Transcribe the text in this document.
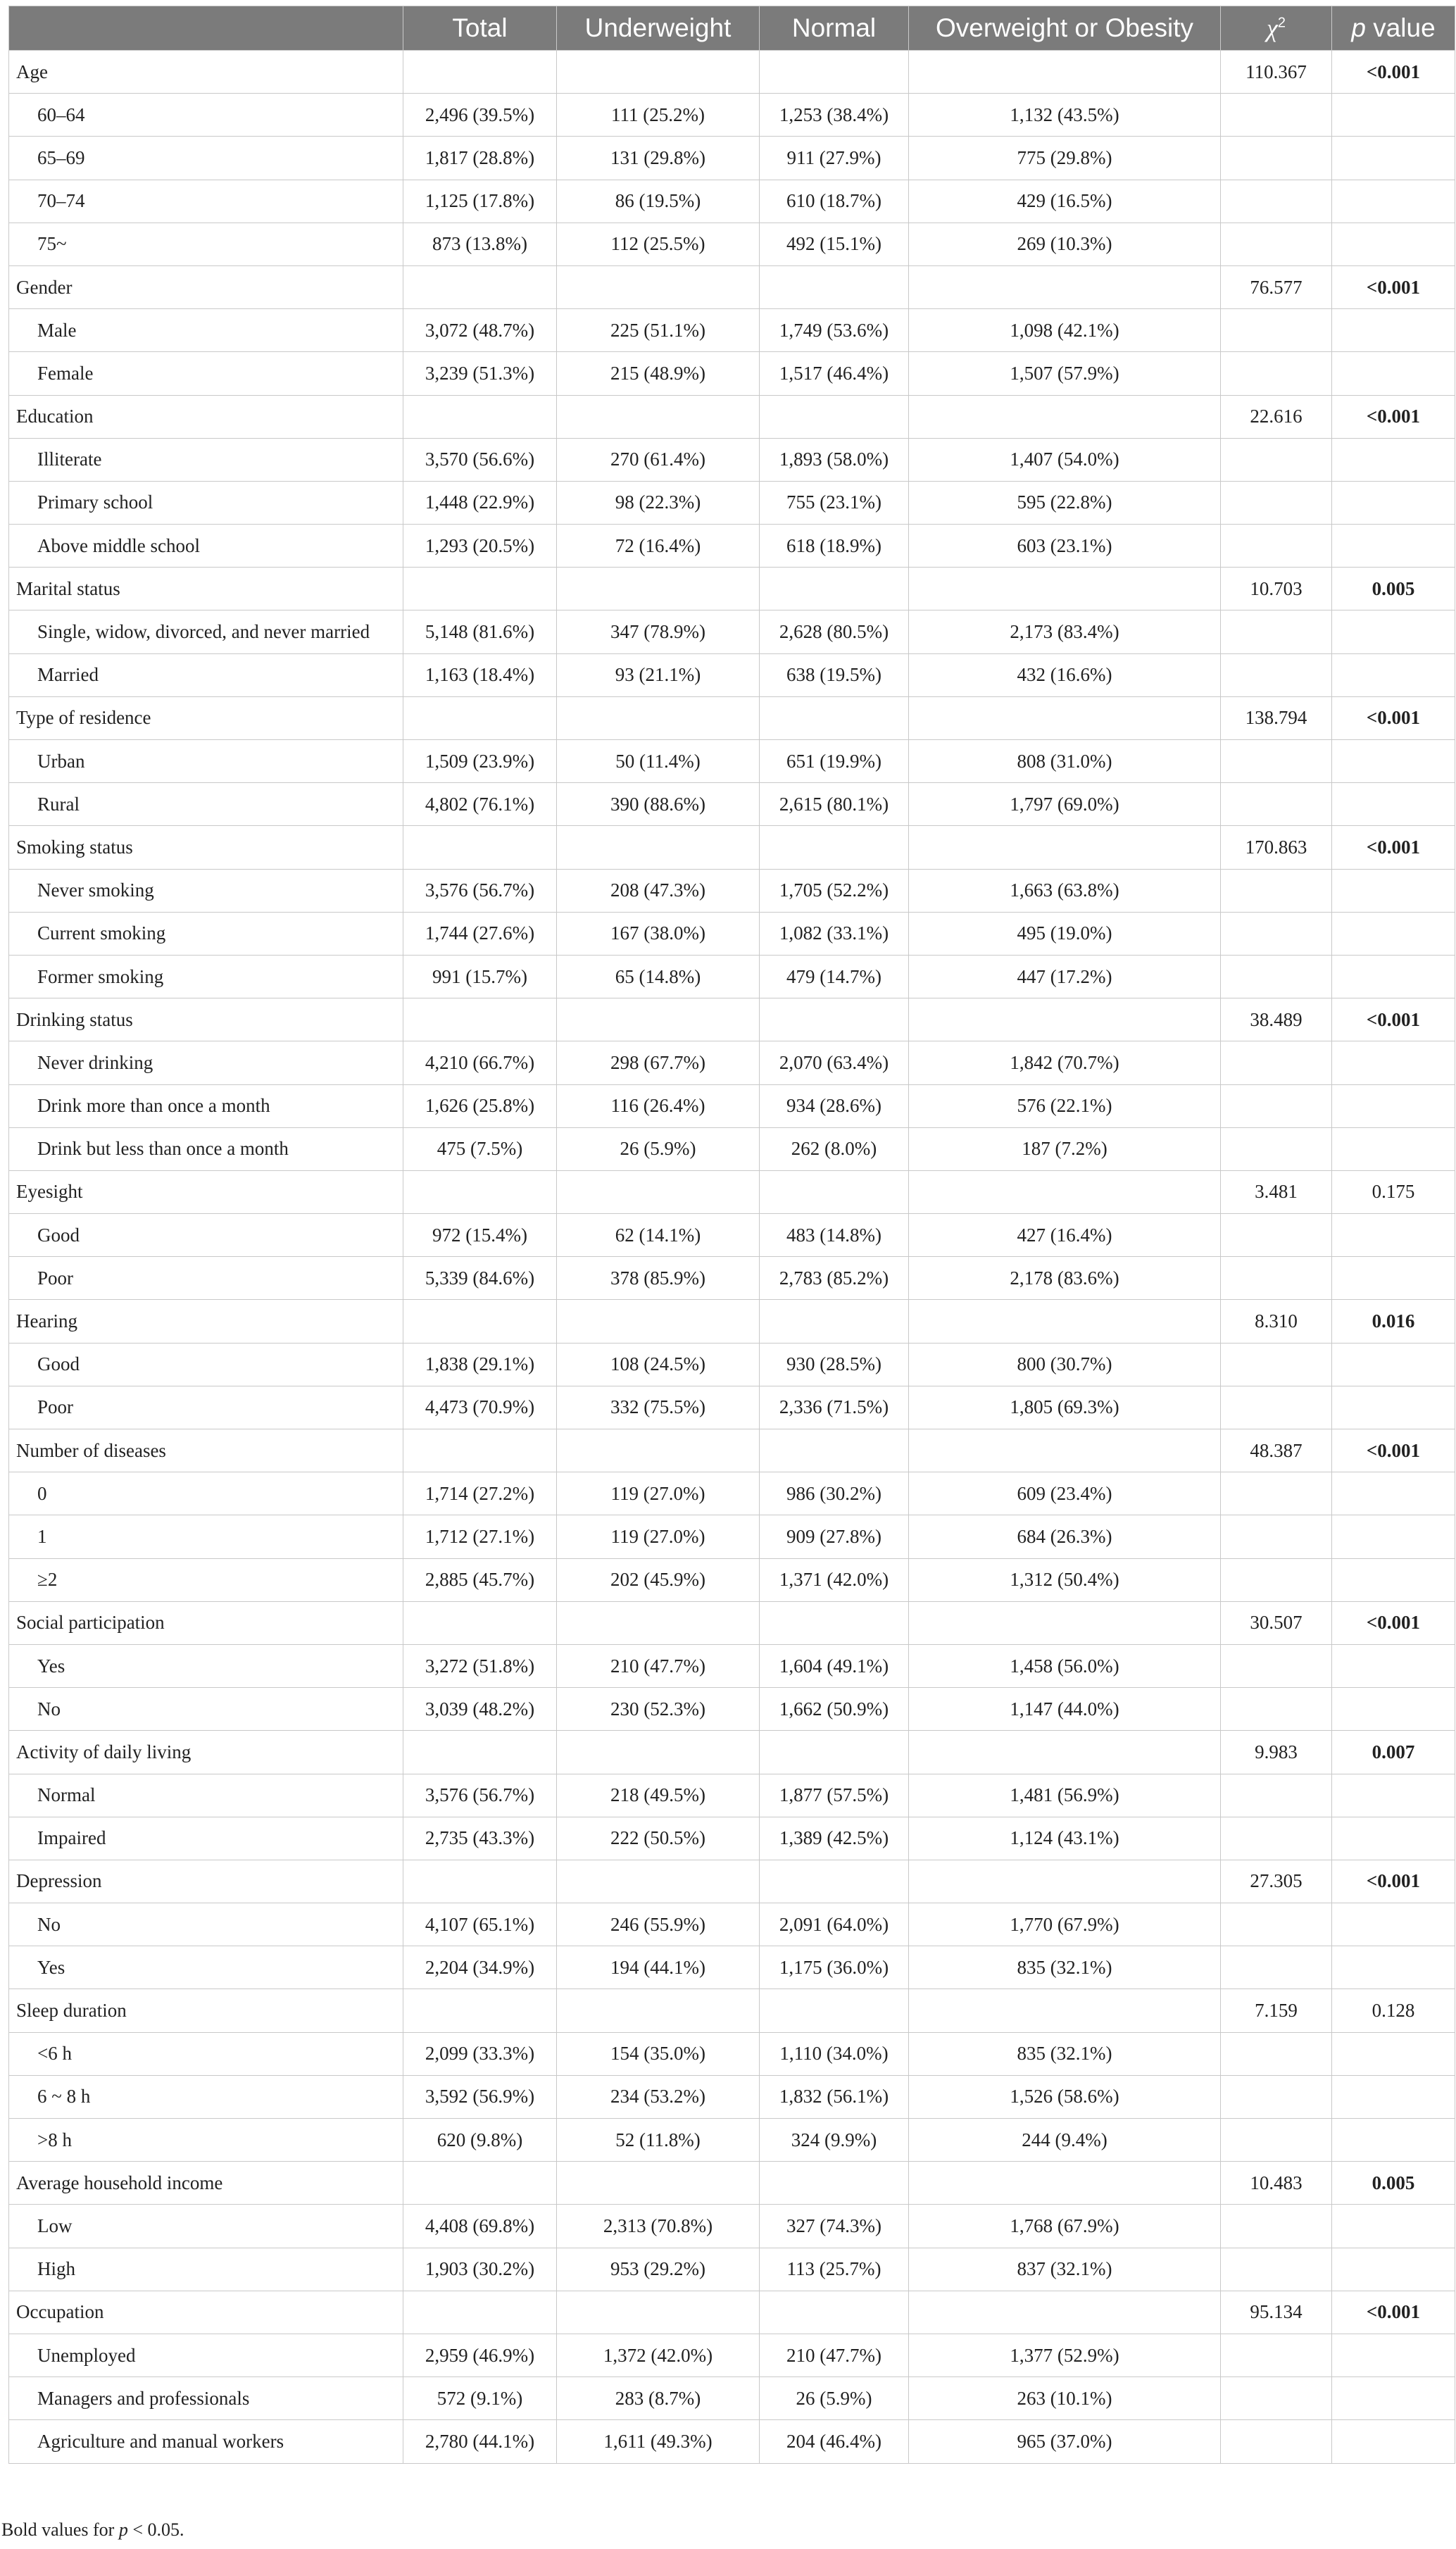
	Total	Underweight	Normal	Overweight or Obesity	$\chi^2$	p value
Age					110.367	<0.001
60–64	2,496 (39.5%)	111 (25.2%)	1,253 (38.4%)	1,132 (43.5%)		
65–69	1,817 (28.8%)	131 (29.8%)	911 (27.9%)	775 (29.8%)		
70–74	1,125 (17.8%)	86 (19.5%)	610 (18.7%)	429 (16.5%)		
75~	873 (13.8%)	112 (25.5%)	492 (15.1%)	269 (10.3%)		
Gender					76.577	<0.001
Male	3,072 (48.7%)	225 (51.1%)	1,749 (53.6%)	1,098 (42.1%)		
Female	3,239 (51.3%)	215 (48.9%)	1,517 (46.4%)	1,507 (57.9%)		
Education					22.616	<0.001
Illiterate	3,570 (56.6%)	270 (61.4%)	1,893 (58.0%)	1,407 (54.0%)		
Primary school	1,448 (22.9%)	98 (22.3%)	755 (23.1%)	595 (22.8%)		
Above middle school	1,293 (20.5%)	72 (16.4%)	618 (18.9%)	603 (23.1%)		
Marital status					10.703	0.005
Single, widow, divorced, and never married	5,148 (81.6%)	347 (78.9%)	2,628 (80.5%)	2,173 (83.4%)		
Married	1,163 (18.4%)	93 (21.1%)	638 (19.5%)	432 (16.6%)		
Type of residence					138.794	<0.001
Urban	1,509 (23.9%)	50 (11.4%)	651 (19.9%)	808 (31.0%)		
Rural	4,802 (76.1%)	390 (88.6%)	2,615 (80.1%)	1,797 (69.0%)		
Smoking status					170.863	<0.001
Never smoking	3,576 (56.7%)	208 (47.3%)	1,705 (52.2%)	1,663 (63.8%)		
Current smoking	1,744 (27.6%)	167 (38.0%)	1,082 (33.1%)	495 (19.0%)		
Former smoking	991 (15.7%)	65 (14.8%)	479 (14.7%)	447 (17.2%)		
Drinking status					38.489	<0.001
Never drinking	4,210 (66.7%)	298 (67.7%)	2,070 (63.4%)	1,842 (70.7%)		
Drink more than once a month	1,626 (25.8%)	116 (26.4%)	934 (28.6%)	576 (22.1%)		
Drink but less than once a month	475 (7.5%)	26 (5.9%)	262 (8.0%)	187 (7.2%)		
Eyesight					3.481	0.175
Good	972 (15.4%)	62 (14.1%)	483 (14.8%)	427 (16.4%)		
Poor	5,339 (84.6%)	378 (85.9%)	2,783 (85.2%)	2,178 (83.6%)		
Hearing					8.310	0.016
Good	1,838 (29.1%)	108 (24.5%)	930 (28.5%)	800 (30.7%)		
Poor	4,473 (70.9%)	332 (75.5%)	2,336 (71.5%)	1,805 (69.3%)		
Number of diseases					48.387	<0.001
0	1,714 (27.2%)	119 (27.0%)	986 (30.2%)	609 (23.4%)		
1	1,712 (27.1%)	119 (27.0%)	909 (27.8%)	684 (26.3%)		
≥2	2,885 (45.7%)	202 (45.9%)	1,371 (42.0%)	1,312 (50.4%)		
Social participation					30.507	<0.001
Yes	3,272 (51.8%)	210 (47.7%)	1,604 (49.1%)	1,458 (56.0%)		
No	3,039 (48.2%)	230 (52.3%)	1,662 (50.9%)	1,147 (44.0%)		
Activity of daily living					9.983	0.007
Normal	3,576 (56.7%)	218 (49.5%)	1,877 (57.5%)	1,481 (56.9%)		
Impaired	2,735 (43.3%)	222 (50.5%)	1,389 (42.5%)	1,124 (43.1%)		
Depression					27.305	<0.001
No	4,107 (65.1%)	246 (55.9%)	2,091 (64.0%)	1,770 (67.9%)		
Yes	2,204 (34.9%)	194 (44.1%)	1,175 (36.0%)	835 (32.1%)		
Sleep duration					7.159	0.128
<6 h	2,099 (33.3%)	154 (35.0%)	1,110 (34.0%)	835 (32.1%)		
6 ~ 8 h	3,592 (56.9%)	234 (53.2%)	1,832 (56.1%)	1,526 (58.6%)		
>8 h	620 (9.8%)	52 (11.8%)	324 (9.9%)	244 (9.4%)		
Average household income					10.483	0.005
Low	4,408 (69.8%)	2,313 (70.8%)	327 (74.3%)	1,768 (67.9%)		
High	1,903 (30.2%)	953 (29.2%)	113 (25.7%)	837 (32.1%)		
Occupation					95.134	<0.001
Unemployed	2,959 (46.9%)	1,372 (42.0%)	210 (47.7%)	1,377 (52.9%)		
Managers and professionals	572 (9.1%)	283 (8.7%)	26 (5.9%)	263 (10.1%)		
Agriculture and manual workers	2,780 (44.1%)	1,611 (49.3%)	204 (46.4%)	965 (37.0%)		
Bold values for p < 0.05.
